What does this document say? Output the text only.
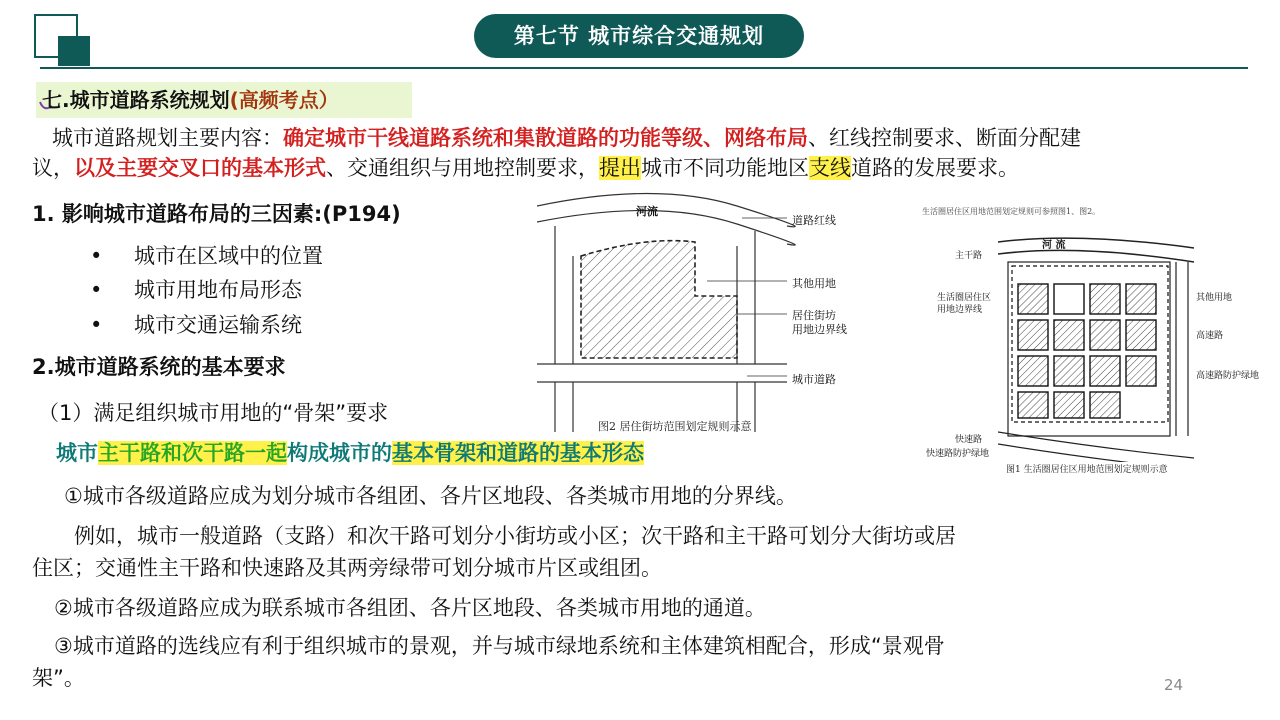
第七节 城市综合交通规划
七.城市道路系统规划(高频考点）
城市道路规划主要内容：确定城市干线道路系统和集散道路的功能等级、网络布局、红线控制要求、断面分配建
议，以及主要交叉口的基本形式、交通组织与用地控制要求，提出城市不同功能地区支线道路的发展要求。
1. 影响城市道路布局的三因素:(P194)
• 城市在区域中的位置
• 城市用地布局形态
• 城市交通运输系统
2.城市道路系统的基本要求
（1）满足组织城市用地的“骨架”要求
城市主干路和次干路一起构成城市的基本骨架和道路的基本形态
①城市各级道路应成为划分城市各组团、各片区地段、各类城市用地的分界线。
例如，城市一般道路（支路）和次干路可划分小街坊或小区；次干路和主干路可划分大街坊或居
住区；交通性主干路和快速路及其两旁绿带可划分城市片区或组团。
②城市各级道路应成为联系城市各组团、各片区地段、各类城市用地的通道。
③城市道路的选线应有利于组织城市的景观，并与城市绿地系统和主体建筑相配合，形成“景观骨
架”。
河流
道路红线
其他用地
居住街坊
用地边界线
城市道路
图2 居住街坊范围划定规则示意
生活圈居住区用地范围划定规则可参照图1、图2。
河 流
主干路
生活圈居住区
用地边界线
快速路
快速路防护绿地
其他用地
高速路
高速路防护绿地
图1 生活圈居住区用地范围划定规则示意
24
